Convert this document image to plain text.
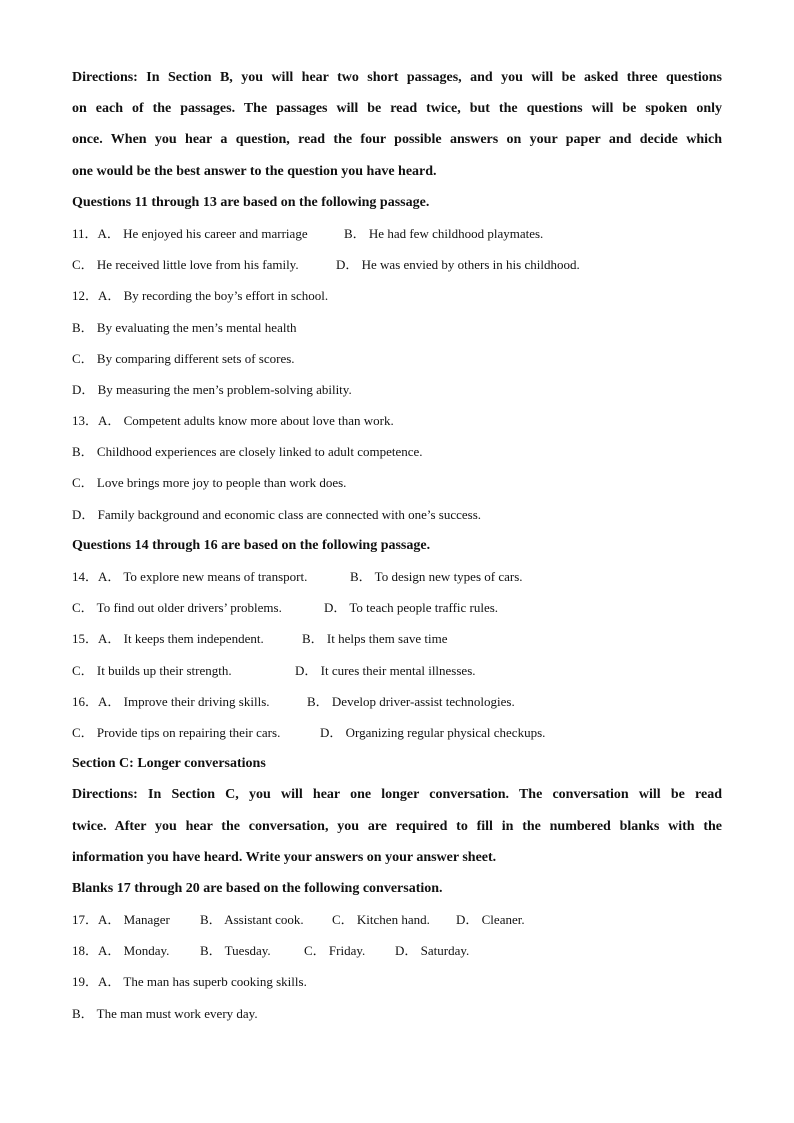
Directions: In Section B, you will hear two short passages, and you will be asked three questions
on each of the passages. The passages will be read twice, but the questions will be spoken only
once. When you hear a question, read the four possible answers on your paper and decide which
one would be the best answer to the question you have heard.
Questions 11 through 13 are based on the following passage.
11．A． He enjoyed his career and marriage	B． He had few childhood playmates.
C． He received little love from his family.	D． He was envied by others in his childhood.
12．A． By recording the boy’s effort in school.
B． By evaluating the men’s mental health
C． By comparing different sets of scores.
D． By measuring the men’s problem-solving ability.
13．A． Competent adults know more about love than work.
B． Childhood experiences are closely linked to adult competence.
C． Love brings more joy to people than work does.
D． Family background and economic class are connected with one’s success.
Questions 14 through 16 are based on the following passage.
14．A． To explore new means of transport.	B． To design new types of cars.
C． To find out older drivers’ problems.	D． To teach people traffic rules.
15．A． It keeps them independent.	B． It helps them save time
C． It builds up their strength.	D． It cures their mental illnesses.
16．A． Improve their driving skills.	B． Develop driver-assist technologies.
C． Provide tips on repairing their cars.	D． Organizing regular physical checkups.
Section C: Longer conversations
Directions: In Section C, you will hear one longer conversation. The conversation will be read
twice. After you hear the conversation, you are required to fill in the numbered blanks with the
information you have heard. Write your answers on your answer sheet.
Blanks 17 through 20 are based on the following conversation.
17．A． Manager B． Assistant cook. C． Kitchen hand. D． Cleaner.
18．A． Monday. B． Tuesday.	C． Friday. D． Saturday.
19．A． The man has superb cooking skills.
B． The man must work every day.
